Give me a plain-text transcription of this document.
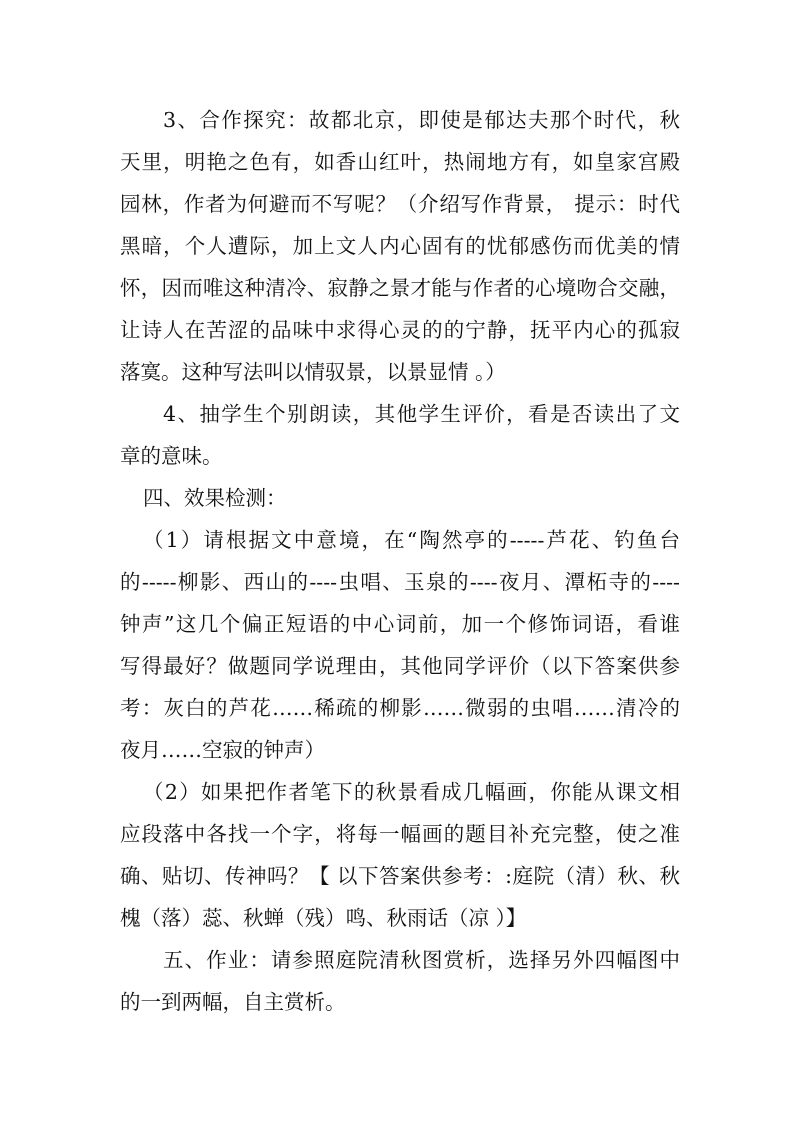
3、合作探究：故都北京，即使是郁达夫那个时代，秋
天里，明艳之色有，如香山红叶，热闹地方有，如皇家宫殿
园林，作者为何避而不写呢？（介绍写作背景， 提示：时代
黑暗，个人遭际，加上文人内心固有的忧郁感伤而优美的情
怀，因而唯这种清冷、寂静之景才能与作者的心境吻合交融，
让诗人在苦涩的品味中求得心灵的的宁静，抚平内心的孤寂
落寞。这种写法叫以情驭景，以景显情 。）
4、抽学生个别朗读，其他学生评价，看是否读出了文
章的意味。
四、效果检测：
（1）请根据文中意境，在“陶然亭的-----芦花、钓鱼台
的-----柳影、西山的----虫唱、玉泉的----夜月、潭柘寺的----
钟声”这几个偏正短语的中心词前，加一个修饰词语，看谁
写得最好？做题同学说理由，其他同学评价（以下答案供参
考：灰白的芦花……稀疏的柳影……微弱的虫唱……清冷的
夜月……空寂的钟声）
（2）如果把作者笔下的秋景看成几幅画，你能从课文相
应段落中各找一个字，将每一幅画的题目补充完整，使之准
确、贴切、传神吗？【 以下答案供参考：:庭院（清）秋、秋
槐（落）蕊、秋蝉（残）鸣、秋雨话（凉 ）】
五、作业：请参照庭院清秋图赏析，选择另外四幅图中
的一到两幅，自主赏析。
